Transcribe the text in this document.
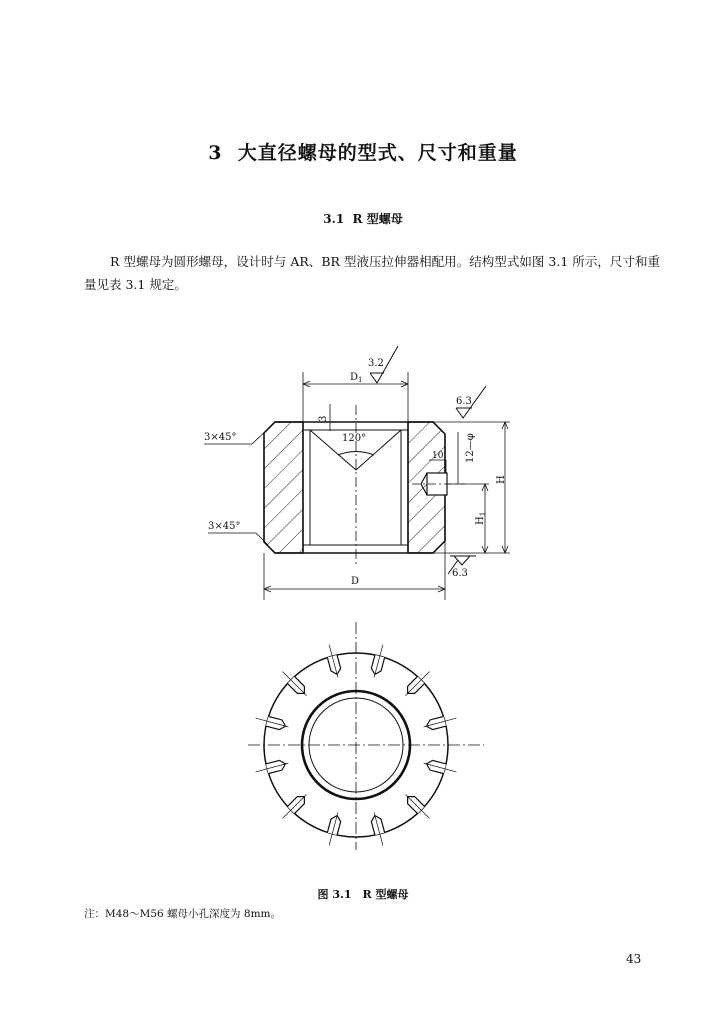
3 大直径螺母的型式、尺寸和重量
3.1 R 型螺母
R 型螺母为圆形螺母，设计时与 AR、BR 型液压拉伸器相配用。结构型式如图 3.1 所示，尺寸和重量见表 3.1 规定。
3.2
$D_1$
3
120°
3×45°
3×45°
6.3
6.3
10 12—φ
H
$H_1$
D
图 3.1　R 型螺母
注：M48～M56 螺母小孔深度为 8mm。
43
